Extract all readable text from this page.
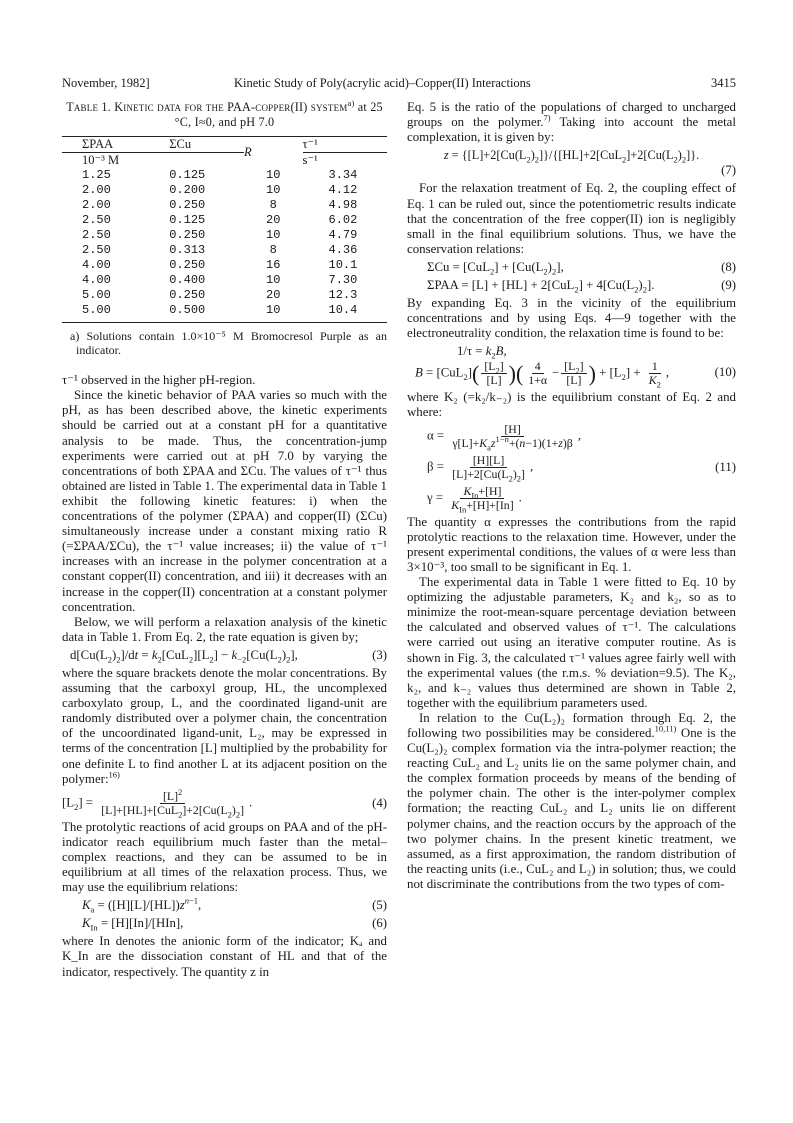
November, 1982]	Kinetic Study of Poly(acrylic acid)–Copper(II) Interactions	3415
Table 1. Kinetic data for the PAA-copper(II) system$^{a)}$ at 25 °C, I≈0, and pH 7.0
ΣPAA	ΣCu	R	τ⁻¹
10⁻³ M			s⁻¹
1.25	0.125	10	3.34
2.00	0.200	10	4.12
2.00	0.250	8	4.98
2.50	0.125	20	6.02
2.50	0.250	10	4.79
2.50	0.313	8	4.36
4.00	0.250	16	10.1
4.00	0.400	10	7.30
5.00	0.250	20	12.3
5.00	0.500	10	10.4

a) Solutions contain 1.0×10⁻⁵ M Bromocresol Purple as an indicator.

τ⁻¹ observed in the higher pH-region.

Since the kinetic behavior of PAA varies so much with the pH, as has been described above, the kinetic experiments should be carried out at a constant pH for a quantitative analysis to be made. Thus, the concentration-jump experiments were carried out at pH 7.0 by varying the concentrations of both ΣPAA and ΣCu. The values of τ⁻¹ thus obtained are listed in Table 1. The experimental data in Table 1 exhibit the following kinetic features: i) when the concentrations of the polymer (ΣPAA) and copper(II) (ΣCu) simultaneously increase under a constant mixing ratio R (=ΣPAA/ΣCu), the τ⁻¹ value increases; ii) the value of τ⁻¹ increases with an increase in the polymer concentration at a constant copper(II) concentration, and iii) it decreases with an increase in the copper(II) concentration at a constant polymer concentration.

Below, we will perform a relaxation analysis of the kinetic data in Table 1. From Eq. 2, the rate equation is given by;

$d[Cu(L_2)_2]/dt = k_2[CuL_2][L_2] - k_{-2}[Cu(L_2)_2]$,	(3)

where the square brackets denote the molar concentrations. By assuming that the carboxyl group, HL, the uncomplexed carboxylato group, L, and the coordinated ligand-unit are randomly distributed over a polymer chain, the concentration of the uncoordinated ligand-unit, L₂, may be expressed in terms of the concentration [L] multiplied by the probability for one definite L to find another L at its adjacent position on the polymer:$^{16)}$

$[L_2] = \frac{[L]^2}{[L]+[HL]+[CuL_2]+2[Cu(L_2)_2]}$ .	(4)

The protolytic reactions of acid groups on PAA and of the pH-indicator reach equilibrium much faster than the metal–complex reactions, and they can be assumed to be in equilibrium at all times of the relaxation process. Thus, we may use the equilibrium relations:

$K_a = ([H][L]/[HL])z^{n-1}$,	(5)
$K_{In} = [H][In]/[HIn]$,	(6)

where In denotes the anionic form of the indicator; Kₐ and K_In are the dissociation constant of HL and that of the indicator, respectively. The quantity z in

Eq. 5 is the ratio of the populations of charged to uncharged groups on the polymer.$^{7)}$ Taking into account the metal complexation, it is given by:

$z = \{[L]+2[Cu(L_2)_2]\}/\{[HL]+2[CuL_2]+2[Cu(L_2)_2]\}$.
(7)

For the relaxation treatment of Eq. 2, the coupling effect of Eq. 1 can be ruled out, since the potentiometric results indicate that the concentration of the free copper(II) ion is negligibly small in the final equilibrium solutions. Thus, we have the conservation relations:

$\Sigma Cu = [CuL_2] + [Cu(L_2)_2]$,	(8)
$\Sigma PAA = [L] + [HL] + 2[CuL_2] + 4[Cu(L_2)_2]$.	(9)

By expanding Eq. 3 in the vicinity of the equilibrium concentrations and by using Eqs. 4—9 together with the electroneutrality condition, the relaxation time is found to be:

$1/\tau = k_2B$,
$B = [CuL_2]( \frac{[L_2]}{[L]}$ )( $\frac{4}{1+\alpha} - \frac{[L_2]}{[L]}$ ) + $[L_2] + \frac{1}{K_2}$ ,	(10)

where K₂ (=k₂/k₋₂) is the equilibrium constant of Eq. 2 and where:

$\alpha = \frac{[H]}{\gamma[L]+K_az^{1-n}+(n-1)(1+z)\beta}$ ,
$\beta = \frac{[H][L]}{[L]+2[Cu(L_2)_2]}$ ,
$\gamma = \frac{K_{In}+[H]}{K_{In}+[H]+[In]}$ .
(11)

The quantity α expresses the contributions from the rapid protolytic reactions to the relaxation time. However, under the present experimental conditions, the values of α were less than 3×10⁻³, too small to be significant in Eq. 1.

The experimental data in Table 1 were fitted to Eq. 10 by optimizing the adjustable parameters, K₂ and k₂, so as to minimize the root-mean-square percentage deviation between the calculated and observed values of τ⁻¹. The calculations were carried out using an iterative computer routine. As is shown in Fig. 3, the calculated τ⁻¹ values agree fairly well with the experimental values (the r.m.s. % deviation=9.5). The K₂, k₂, and k₋₂ values thus determined are shown in Table 2, together with the equilibrium parameters used.

In relation to the Cu(L₂)₂ formation through Eq. 2, the following two possibilities may be considered.$^{10,11)}$ One is the Cu(L₂)₂ complex formation via the intra-polymer reaction; the reacting CuL₂ and L₂ units lie on the same polymer chain, and the complex formation proceeds by means of the bending of the polymer chain. The other is the inter-polymer complex formation; the reacting CuL₂ and L₂ units lie on different polymer chains, and the reaction occurs by the approach of the two polymer chains. In the present kinetic treatment, we assumed, as a first approximation, the random distribution of the reacting units (i.e., CuL₂ and L₂) in solution; thus, we could not discriminate the contributions from the two types of com-
